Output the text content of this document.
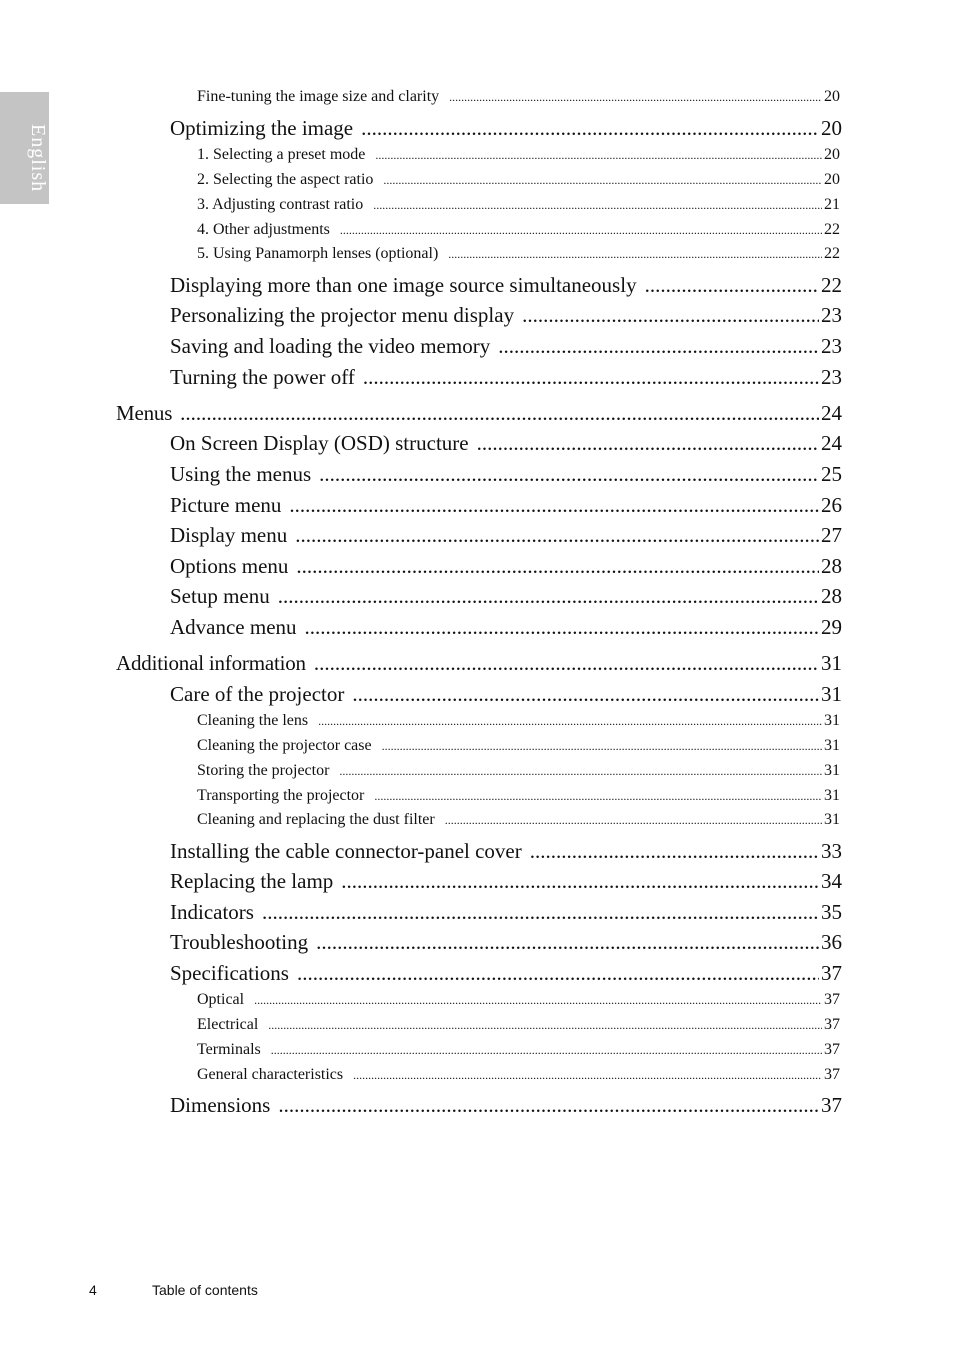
English
Fine-tuning the image size and clarity .....	20
Optimizing the image .....	20
1. Selecting a preset mode .....	20
2. Selecting the aspect ratio .....	20
3. Adjusting contrast ratio .....	21
4. Other adjustments .....	22
5. Using Panamorph lenses (optional) .....	22
Displaying more than one image source simultaneously .....	22
Personalizing the projector menu display .....	23
Saving and loading the video memory .....	23
Turning the power off .....	23
Menus .....	24
On Screen Display (OSD) structure .....	24
Using the menus .....	25
Picture menu .....	26
Display menu .....	27
Options menu .....	28
Setup menu .....	28
Advance menu .....	29
Additional information .....	31
Care of the projector .....	31
Cleaning the lens .....	31
Cleaning the projector case .....	31
Storing the projector .....	31
Transporting the projector .....	31
Cleaning and replacing the dust filter .....	31
Installing the cable connector-panel cover .....	33
Replacing the lamp .....	34
Indicators .....	35
Troubleshooting .....	36
Specifications .....	37
Optical .....	37
Electrical .....	37
Terminals .....	37
General characteristics .....	37
Dimensions .....	37
4	Table of contents
